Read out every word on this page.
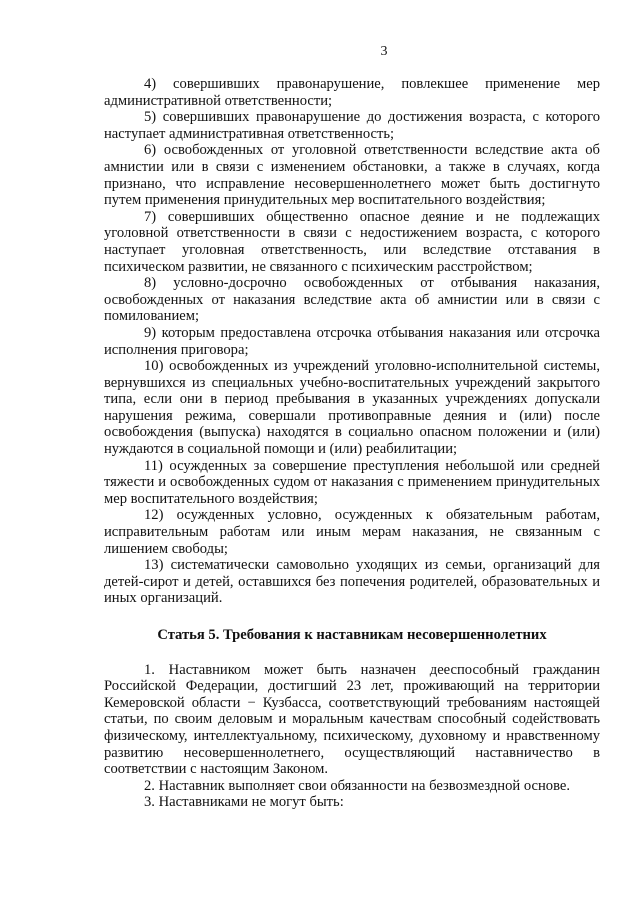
3

4) совершивших правонарушение, повлекшее применение мер административной ответственности;

5) совершивших правонарушение до достижения возраста, с которого наступает административная ответственность;

6) освобожденных от уголовной ответственности вследствие акта об амнистии или в связи с изменением обстановки, а также в случаях, когда признано, что исправление несовершеннолетнего может быть достигнуто путем применения принудительных мер воспитательного воздействия;

7) совершивших общественно опасное деяние и не подлежащих уголовной ответственности в связи с недостижением возраста, с которого наступает уголовная ответственность, или вследствие отставания в психическом развитии, не связанного с психическим расстройством;

8) условно-досрочно освобожденных от отбывания наказания, освобожденных от наказания вследствие акта об амнистии или в связи с помилованием;

9) которым предоставлена отсрочка отбывания наказания или отсрочка исполнения приговора;

10) освобожденных из учреждений уголовно-исполнительной системы, вернувшихся из специальных учебно-воспитательных учреждений закрытого типа, если они в период пребывания в указанных учреждениях допускали нарушения режима, совершали противоправные деяния и (или) после освобождения (выпуска) находятся в социально опасном положении и (или) нуждаются в социальной помощи и (или) реабилитации;

11) осужденных за совершение преступления небольшой или средней тяжести и освобожденных судом от наказания с применением принудительных мер воспитательного воздействия;

12) осужденных условно, осужденных к обязательным работам, исправительным работам или иным мерам наказания, не связанным с лишением свободы;

13) систематически самовольно уходящих из семьи, организаций для детей-сирот и детей, оставшихся без попечения родителей, образовательных и иных организаций.

Статья 5. Требования к наставникам несовершеннолетних

1. Наставником может быть назначен дееспособный гражданин Российской Федерации, достигший 23 лет, проживающий на территории Кемеровской области − Кузбасса, соответствующий требованиям настоящей статьи, по своим деловым и моральным качествам способный содействовать физическому, интеллектуальному, психическому, духовному и нравственному развитию несовершеннолетнего, осуществляющий наставничество в соответствии с настоящим Законом.

2. Наставник выполняет свои обязанности на безвозмездной основе.

3. Наставниками не могут быть:
